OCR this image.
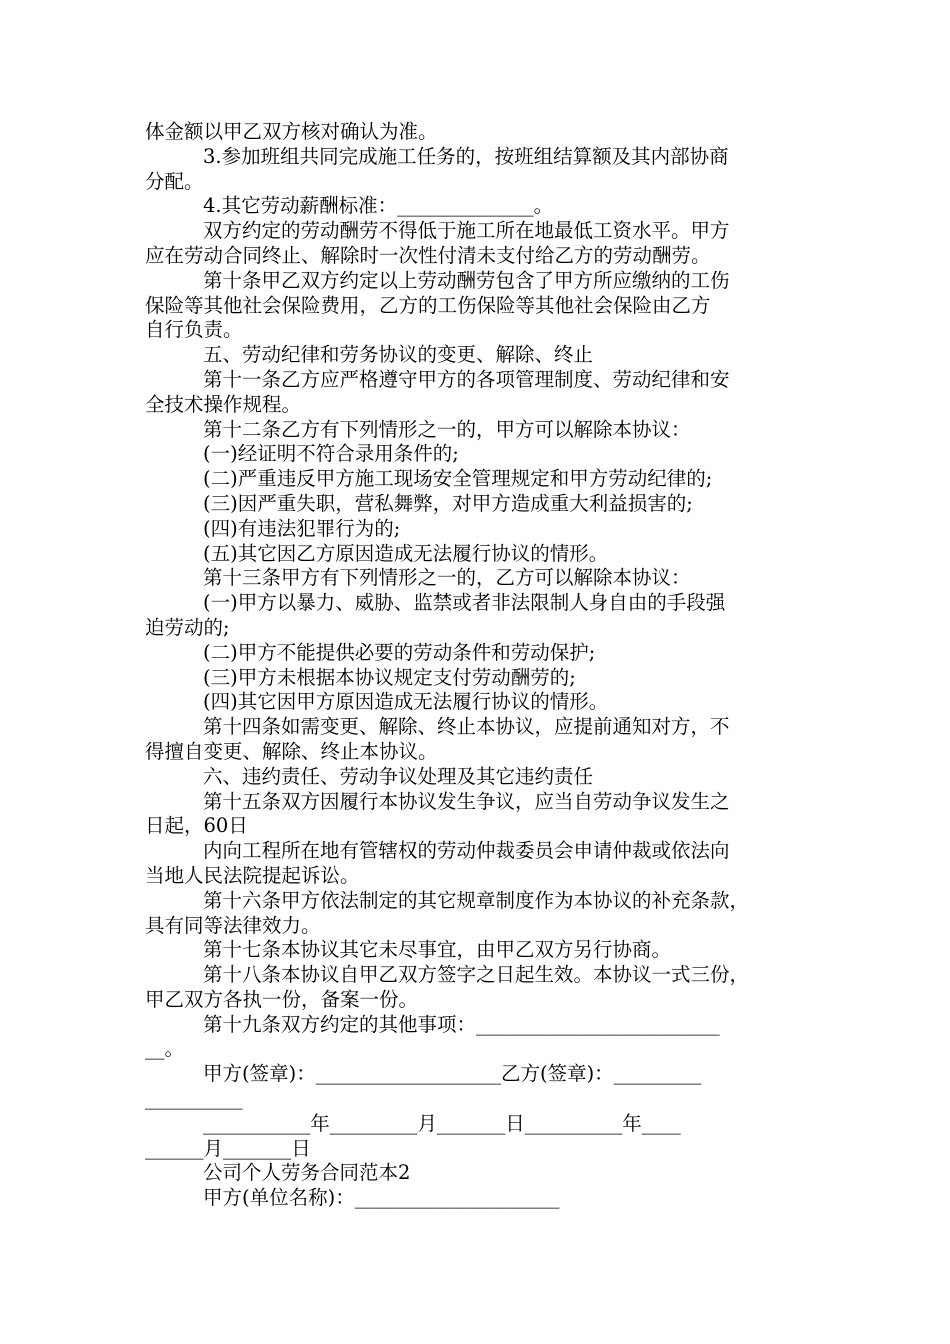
体金额以甲乙双方核对确认为准。
3.参加班组共同完成施工任务的，按班组结算额及其内部协商
分配。
4.其它劳动薪酬标准：______________。
双方约定的劳动酬劳不得低于施工所在地最低工资水平。甲方
应在劳动合同终止、解除时一次性付清未支付给乙方的劳动酬劳。
第十条甲乙双方约定以上劳动酬劳包含了甲方所应缴纳的工伤
保险等其他社会保险费用，乙方的工伤保险等其他社会保险由乙方
自行负责。
五、劳动纪律和劳务协议的变更、解除、终止
第十一条乙方应严格遵守甲方的各项管理制度、劳动纪律和安
全技术操作规程。
第十二条乙方有下列情形之一的，甲方可以解除本协议：
(一)经证明不符合录用条件的;
(二)严重违反甲方施工现场安全管理规定和甲方劳动纪律的;
(三)因严重失职，营私舞弊，对甲方造成重大利益损害的;
(四)有违法犯罪行为的;
(五)其它因乙方原因造成无法履行协议的情形。
第十三条甲方有下列情形之一的，乙方可以解除本协议：
(一)甲方以暴力、威胁、监禁或者非法限制人身自由的手段强
迫劳动的;
(二)甲方不能提供必要的劳动条件和劳动保护;
(三)甲方未根据本协议规定支付劳动酬劳的;
(四)其它因甲方原因造成无法履行协议的情形。
第十四条如需变更、解除、终止本协议，应提前通知对方，不
得擅自变更、解除、终止本协议。
六、违约责任、劳动争议处理及其它违约责任
第十五条双方因履行本协议发生争议，应当自劳动争议发生之
日起，60日
内向工程所在地有管辖权的劳动仲裁委员会申请仲裁或依法向
当地人民法院提起诉讼。
第十六条甲方依法制定的其它规章制度作为本协议的补充条款，
具有同等法律效力。
第十七条本协议其它未尽事宜，由甲乙双方另行协商。
第十八条本协议自甲乙双方签字之日起生效。本协议一式三份，
甲乙双方各执一份，备案一份。
第十九条双方约定的其他事项：_________________________
__。
甲方(签章)：___________________乙方(签章)：_________
__________
___________年_________月_______日__________年____
______月_______日
公司个人劳务合同范本2
甲方(单位名称)：_____________________
